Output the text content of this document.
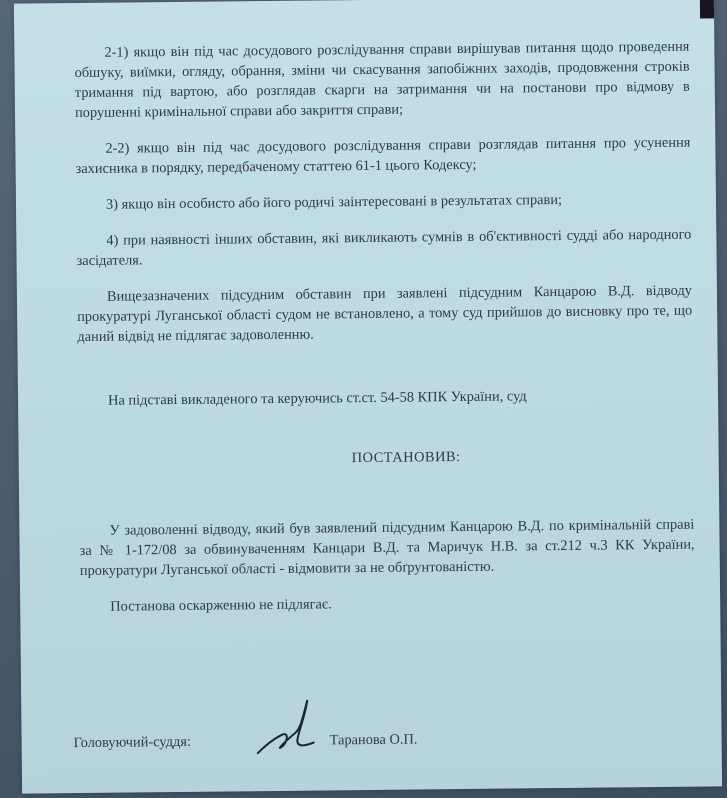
2-1) якщо він під час досудового розслідування справи вирішував питання щодо проведення обшуку, виїмки, огляду, обрання, зміни чи скасування запобіжних заходів, продовження строків тримання під вартою, або розглядав скарги на затримання чи на постанови про відмову в порушенні кримінальної справи або закриття справи;

2-2) якщо він під час досудового розслідування справи розглядав питання про усунення захисника в порядку, передбаченому статтею 61-1 цього Кодексу;

3) якщо він особисто або його родичі заінтересовані в результатах справи;

4) при наявності інших обставин, які викликають сумнів в об'єктивності судді або народного засідателя.

Вищезазначених підсудним обставин при заявлені підсудним Канцарою В.Д. відводу прокуратурі Луганської області судом не встановлено, а тому суд прийшов до висновку про те, що даний відвід не підлягає задоволенню.

На підставі викладеного та керуючись ст.ст. 54-58 КПК України, суд

ПОСТАНОВИВ:

У задоволенні відводу, який був заявлений підсудним Канцарою В.Д. по кримінальній справі за № 1-172/08 за обвинуваченням Канцари В.Д. та Маричук Н.В. за ст.212 ч.3 КК України, прокуратури Луганської області - відмовити за не обґрунтованістю.

Постанова оскарженню не підлягає.

Головуючий-суддя:	Таранова О.П.
